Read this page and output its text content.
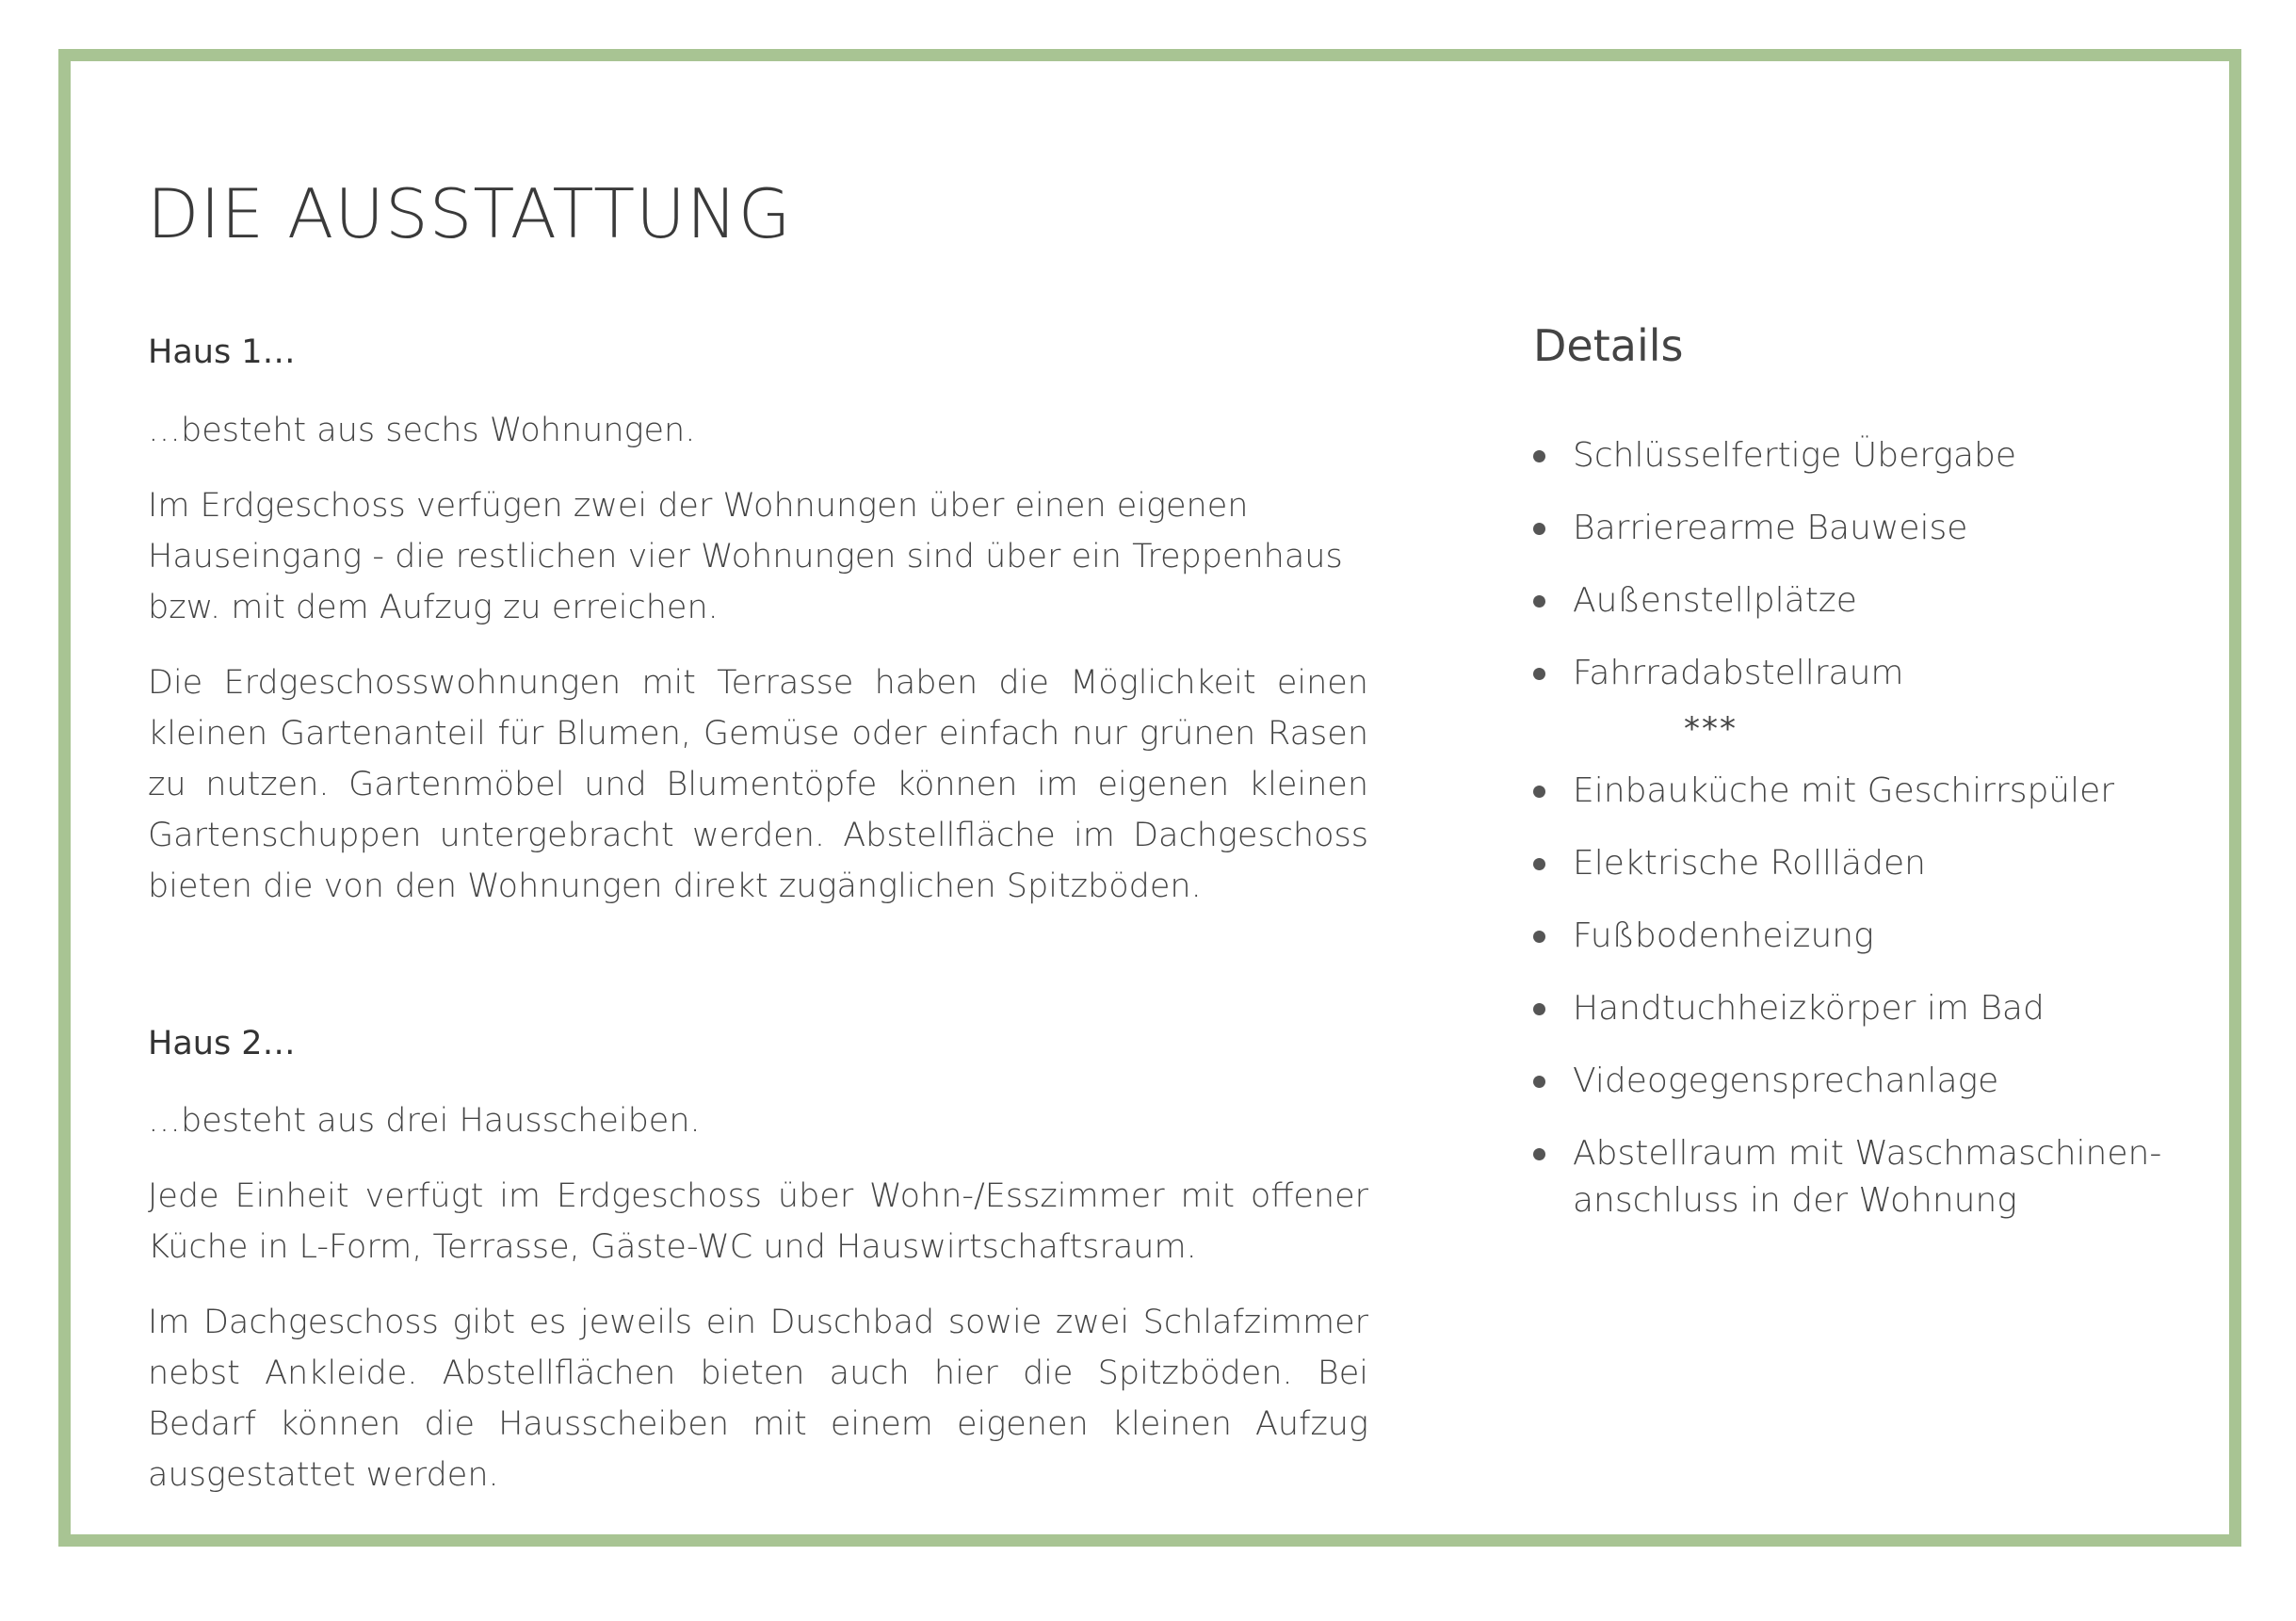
DIE AUSSTATTUNG
Haus 1…

…besteht aus sechs Wohnungen.

Im Erdgeschoss verfügen zwei der Wohnungen über einen eigenen Hauseingang - die restlichen vier Wohnungen sind über ein Treppenhaus bzw. mit dem Aufzug zu erreichen.

Die Erdgeschosswohnungen mit Terrasse haben die Möglichkeit einen kleinen Gartenanteil für Blumen, Gemüse oder einfach nur grünen Rasen zu nutzen. Gartenmöbel und Blumentöpfe können im eigenen kleinen Gartenschuppen untergebracht werden. Abstellfläche im Dachgeschoss bieten die von den Wohnungen direkt zugänglichen Spitzböden.

Haus 2…

…besteht aus drei Hausscheiben.

Jede Einheit verfügt im Erdgeschoss über Wohn-/Esszimmer mit offener Küche in L-Form, Terrasse, Gäste-WC und Hauswirtschaftsraum.

Im Dachgeschoss gibt es jeweils ein Duschbad sowie zwei Schlafzimmer nebst Ankleide. Abstellflächen bieten auch hier die Spitzböden. Bei Bedarf können die Hausscheiben mit einem eigenen kleinen Aufzug ausgestattet werden.

Details
Schlüsselfertige Übergabe
Barrierearme Bauweise
Außenstellplätze
Fahrradabstellraum
***
Einbauküche mit Geschirrspüler
Elektrische Rollläden
Fußbodenheizung
Handtuchheizkörper im Bad
Videogegensprechanlage
Abstellraum mit Waschmaschinen-anschluss in der Wohnung
